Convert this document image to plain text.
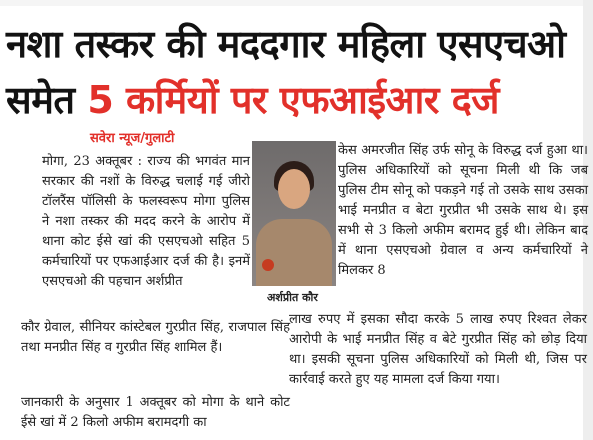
नशा तस्कर की मददगार महिला एसएचओ
समेत 5 कर्मियों पर एफआईआर दर्ज
सवेरा न्यूज/गुलाटी

मोगा, 23 अक्तूबर : राज्य की भगवंत मान सरकार की नशों के विरुद्ध चलाई गई जीरो टॉलरैंस पॉलिसी के फलस्वरूप मोगा पुलिस ने नशा तस्कर की मदद करने के आरोप में थाना कोट ईसे खां की एसएचओ सहित 5 कर्मचारियों पर एफआईआर दर्ज की है। इनमें एसएचओ की पहचान अर्शप्रीत

कौर ग्रेवाल, सीनियर कांस्टेबल गुरप्रीत सिंह, राजपाल सिंह तथा मनप्रीत सिंह व गुरप्रीत सिंह शामिल हैं।

जानकारी के अनुसार 1 अक्तूबर को मोगा के थाने कोट ईसे खां में 2 किलो अफीम बरामदगी का

अर्शप्रीत कौर

केस अमरजीत सिंह उर्फ सोनू के विरुद्ध दर्ज हुआ था। पुलिस अधिकारियों को सूचना मिली थी कि जब पुलिस टीम सोनू को पकड़ने गई तो उसके साथ उसका भाई मनप्रीत व बेटा गुरप्रीत भी उसके साथ थे। इस सभी से 3 किलो अफीम बरामद हुई थी। लेकिन बाद में थाना एसएचओ ग्रेवाल व अन्य कर्मचारियों ने मिलकर 8

लाख रुपए में इसका सौदा करके 5 लाख रुपए रिश्वत लेकर आरोपी के भाई मनप्रीत सिंह व बेटे गुरप्रीत सिंह को छोड़ दिया था। इसकी सूचना पुलिस अधिकारियों को मिली थी, जिस पर कार्रवाई करते हुए यह मामला दर्ज किया गया।
